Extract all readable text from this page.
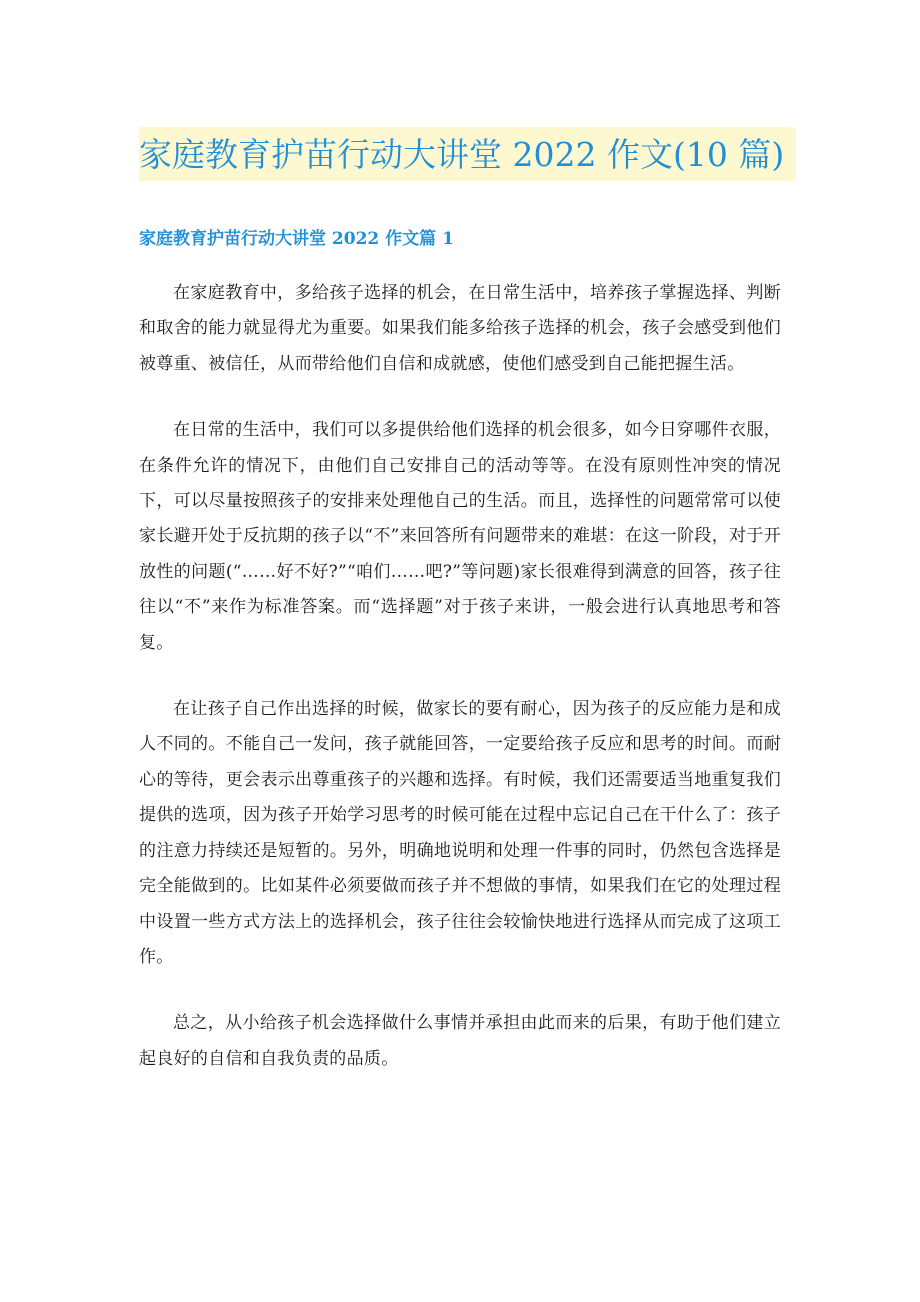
家庭教育护苗行动大讲堂 2022 作文(10 篇)
家庭教育护苗行动大讲堂 2022 作文篇 1

在家庭教育中，多给孩子选择的机会，在日常生活中，培养孩子掌握选择、判断和取舍的能力就显得尤为重要。如果我们能多给孩子选择的机会，孩子会感受到他们被尊重、被信任，从而带给他们自信和成就感，使他们感受到自己能把握生活。

在日常的生活中，我们可以多提供给他们选择的机会很多，如今日穿哪件衣服，在条件允许的情况下，由他们自己安排自己的活动等等。在没有原则性冲突的情况下，可以尽量按照孩子的安排来处理他自己的生活。而且，选择性的问题常常可以使家长避开处于反抗期的孩子以“不”来回答所有问题带来的难堪：在这一阶段，对于开放性的问题(“……好不好?”“咱们……吧?”等问题)家长很难得到满意的回答，孩子往往以“不”来作为标准答案。而“选择题”对于孩子来讲，一般会进行认真地思考和答复。

在让孩子自己作出选择的时候，做家长的要有耐心，因为孩子的反应能力是和成人不同的。不能自己一发问，孩子就能回答，一定要给孩子反应和思考的时间。而耐心的等待，更会表示出尊重孩子的兴趣和选择。有时候，我们还需要适当地重复我们提供的选项，因为孩子开始学习思考的时候可能在过程中忘记自己在干什么了：孩子的注意力持续还是短暂的。另外，明确地说明和处理一件事的同时，仍然包含选择是完全能做到的。比如某件必须要做而孩子并不想做的事情，如果我们在它的处理过程中设置一些方式方法上的选择机会，孩子往往会较愉快地进行选择从而完成了这项工作。

总之，从小给孩子机会选择做什么事情并承担由此而来的后果，有助于他们建立起良好的自信和自我负责的品质。
